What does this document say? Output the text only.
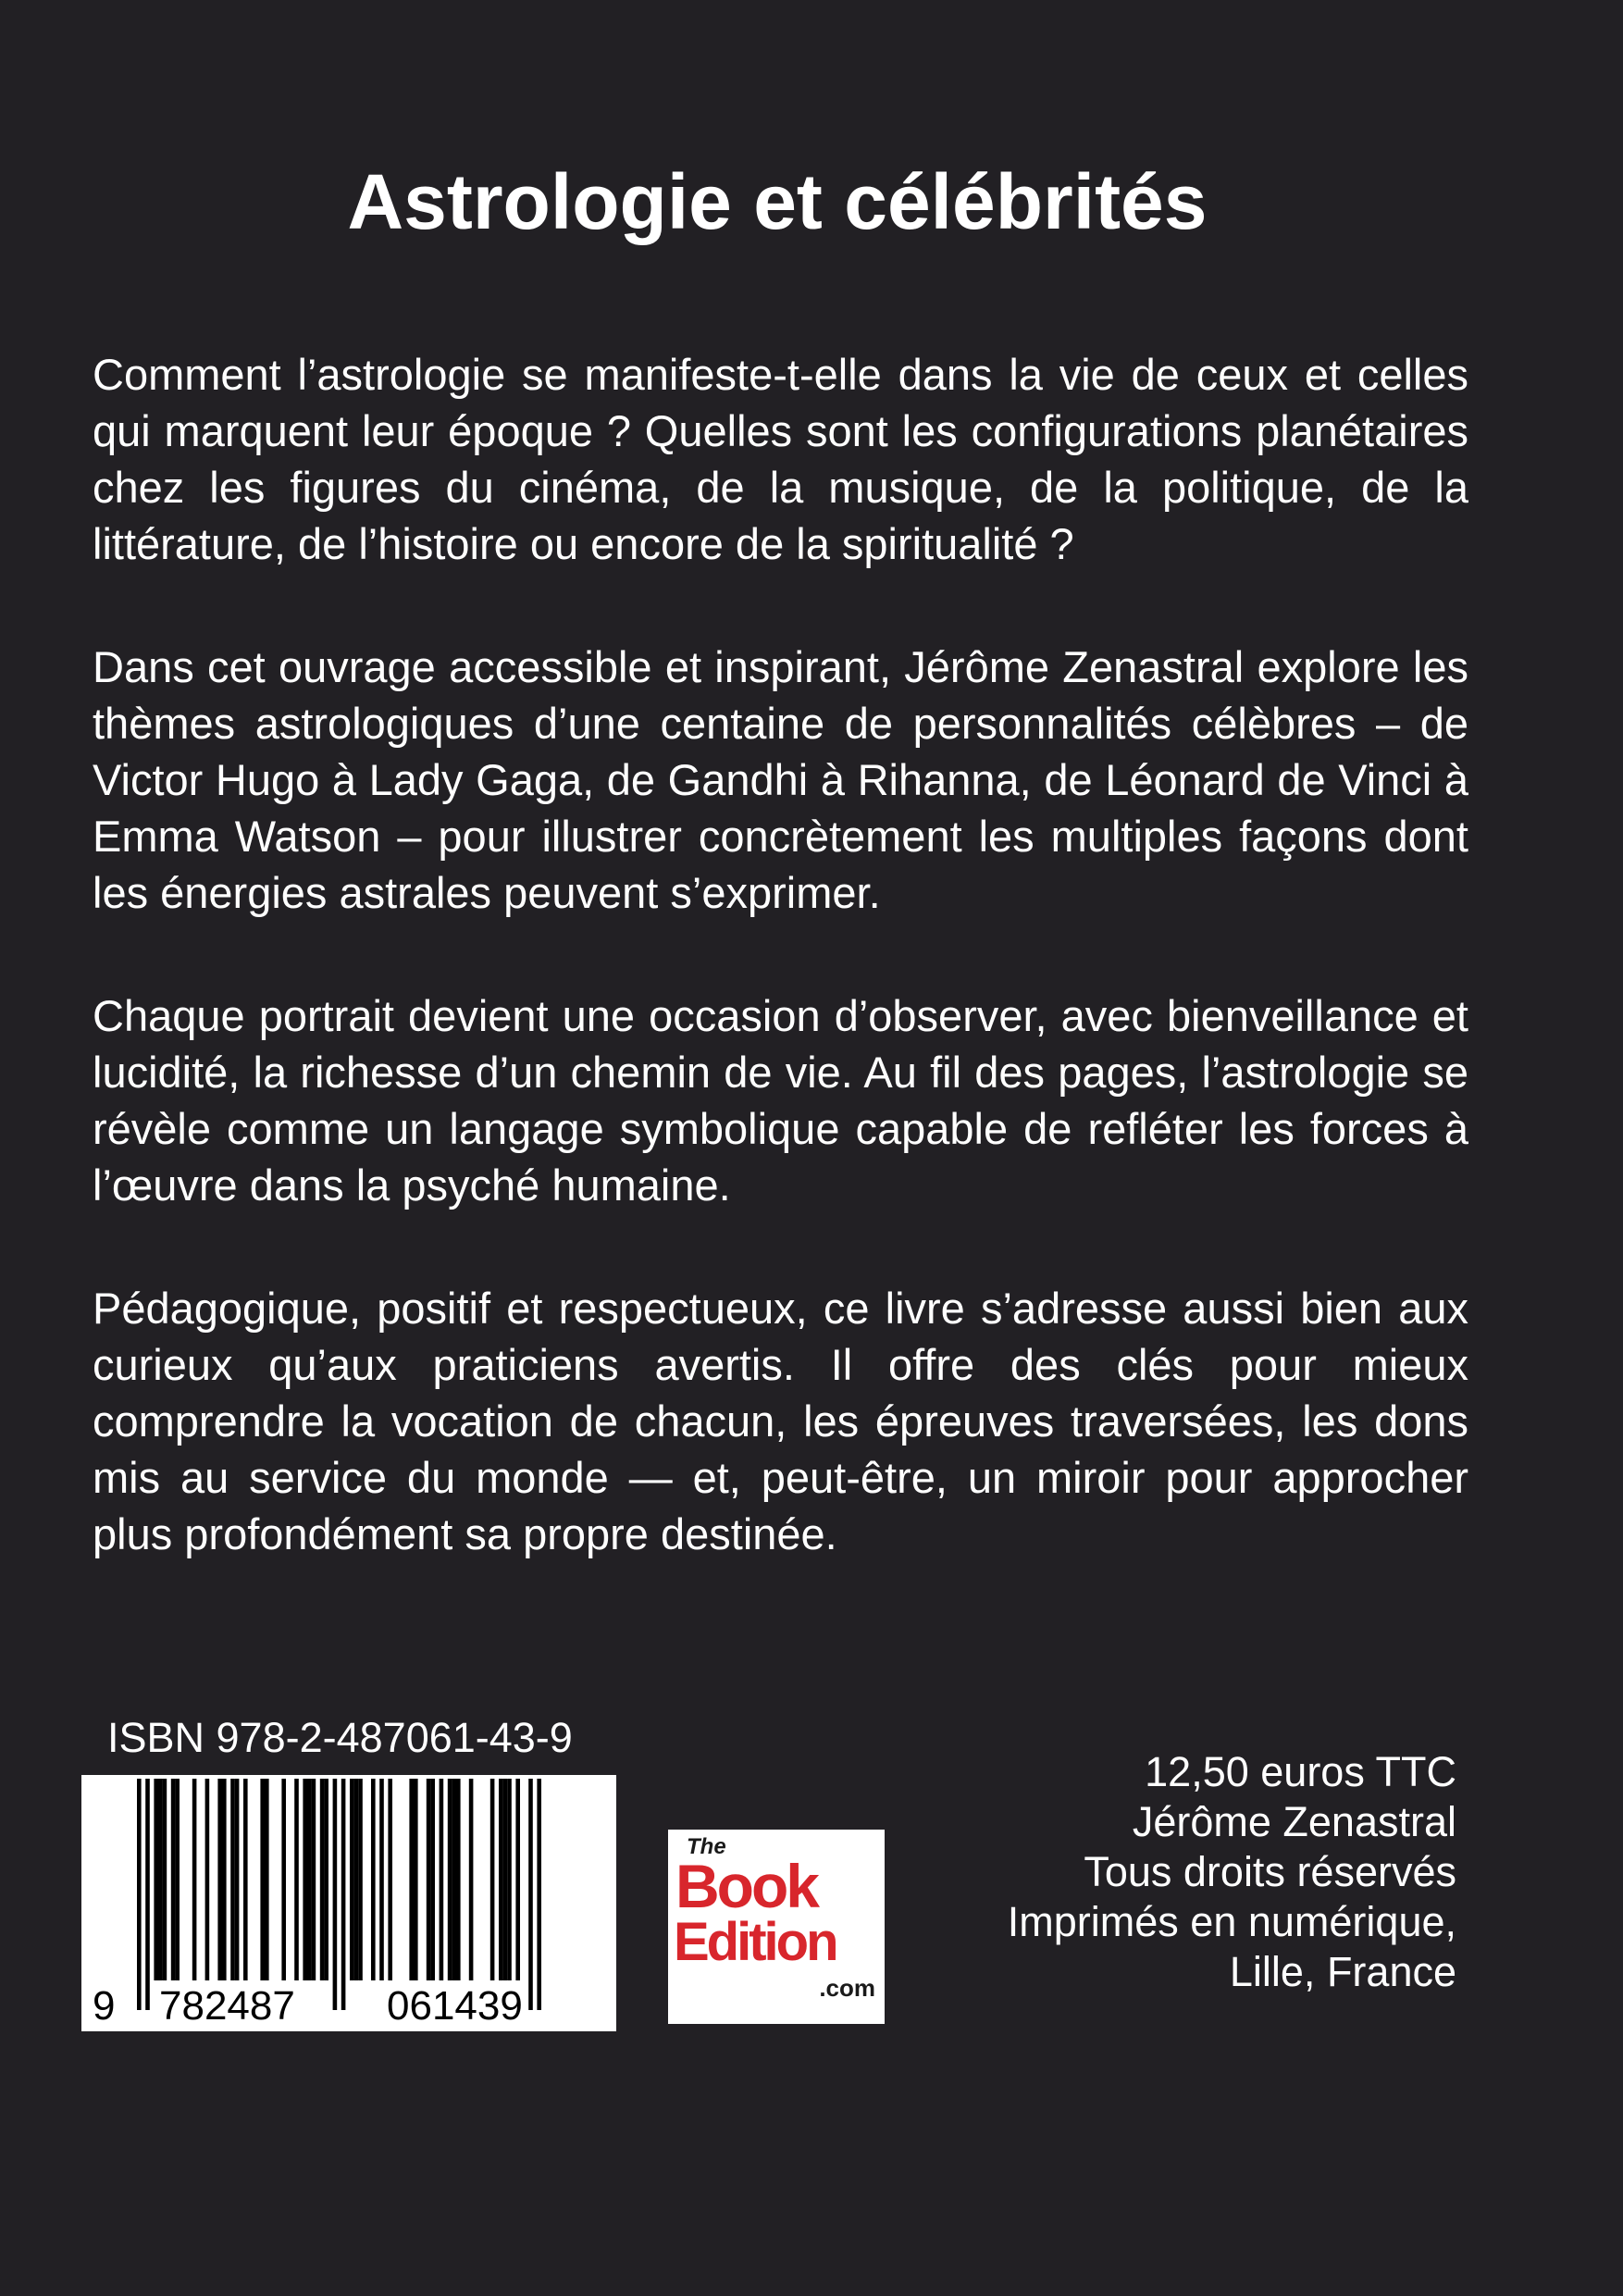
Astrologie et célébrités

Comment l’astrologie se manifeste-t-elle dans la vie de ceux et celles qui marquent leur époque ? Quelles sont les configurations planétaires chez les figures du cinéma, de la musique, de la politique, de la littérature, de l’histoire ou encore de la spiritualité ?

Dans cet ouvrage accessible et inspirant, Jérôme Zenastral explore les thèmes astrologiques d’une centaine de personnalités célèbres – de Victor Hugo à Lady Gaga, de Gandhi à Rihanna, de Léonard de Vinci à Emma Watson – pour illustrer concrètement les multiples façons dont les énergies astrales peuvent s’exprimer.

Chaque portrait devient une occasion d’observer, avec bienveillance et lucidité, la richesse d’un chemin de vie. Au fil des pages, l’astrologie se révèle comme un langage symbolique capable de refléter les forces à l’œuvre dans la psyché humaine.

Pédagogique, positif et respectueux, ce livre s’adresse aussi bien aux curieux qu’aux praticiens avertis. Il offre des clés pour mieux comprendre la vocation de chacun, les épreuves traversées, les dons mis au service du monde — et, peut-être, un miroir pour approcher plus profondément sa propre destinée.

ISBN 978-2-487061-43-9
9 782487 061439
The
Book
Edition
.com
12,50 euros TTC
Jérôme Zenastral
Tous droits réservés
Imprimés en numérique,
Lille, France
